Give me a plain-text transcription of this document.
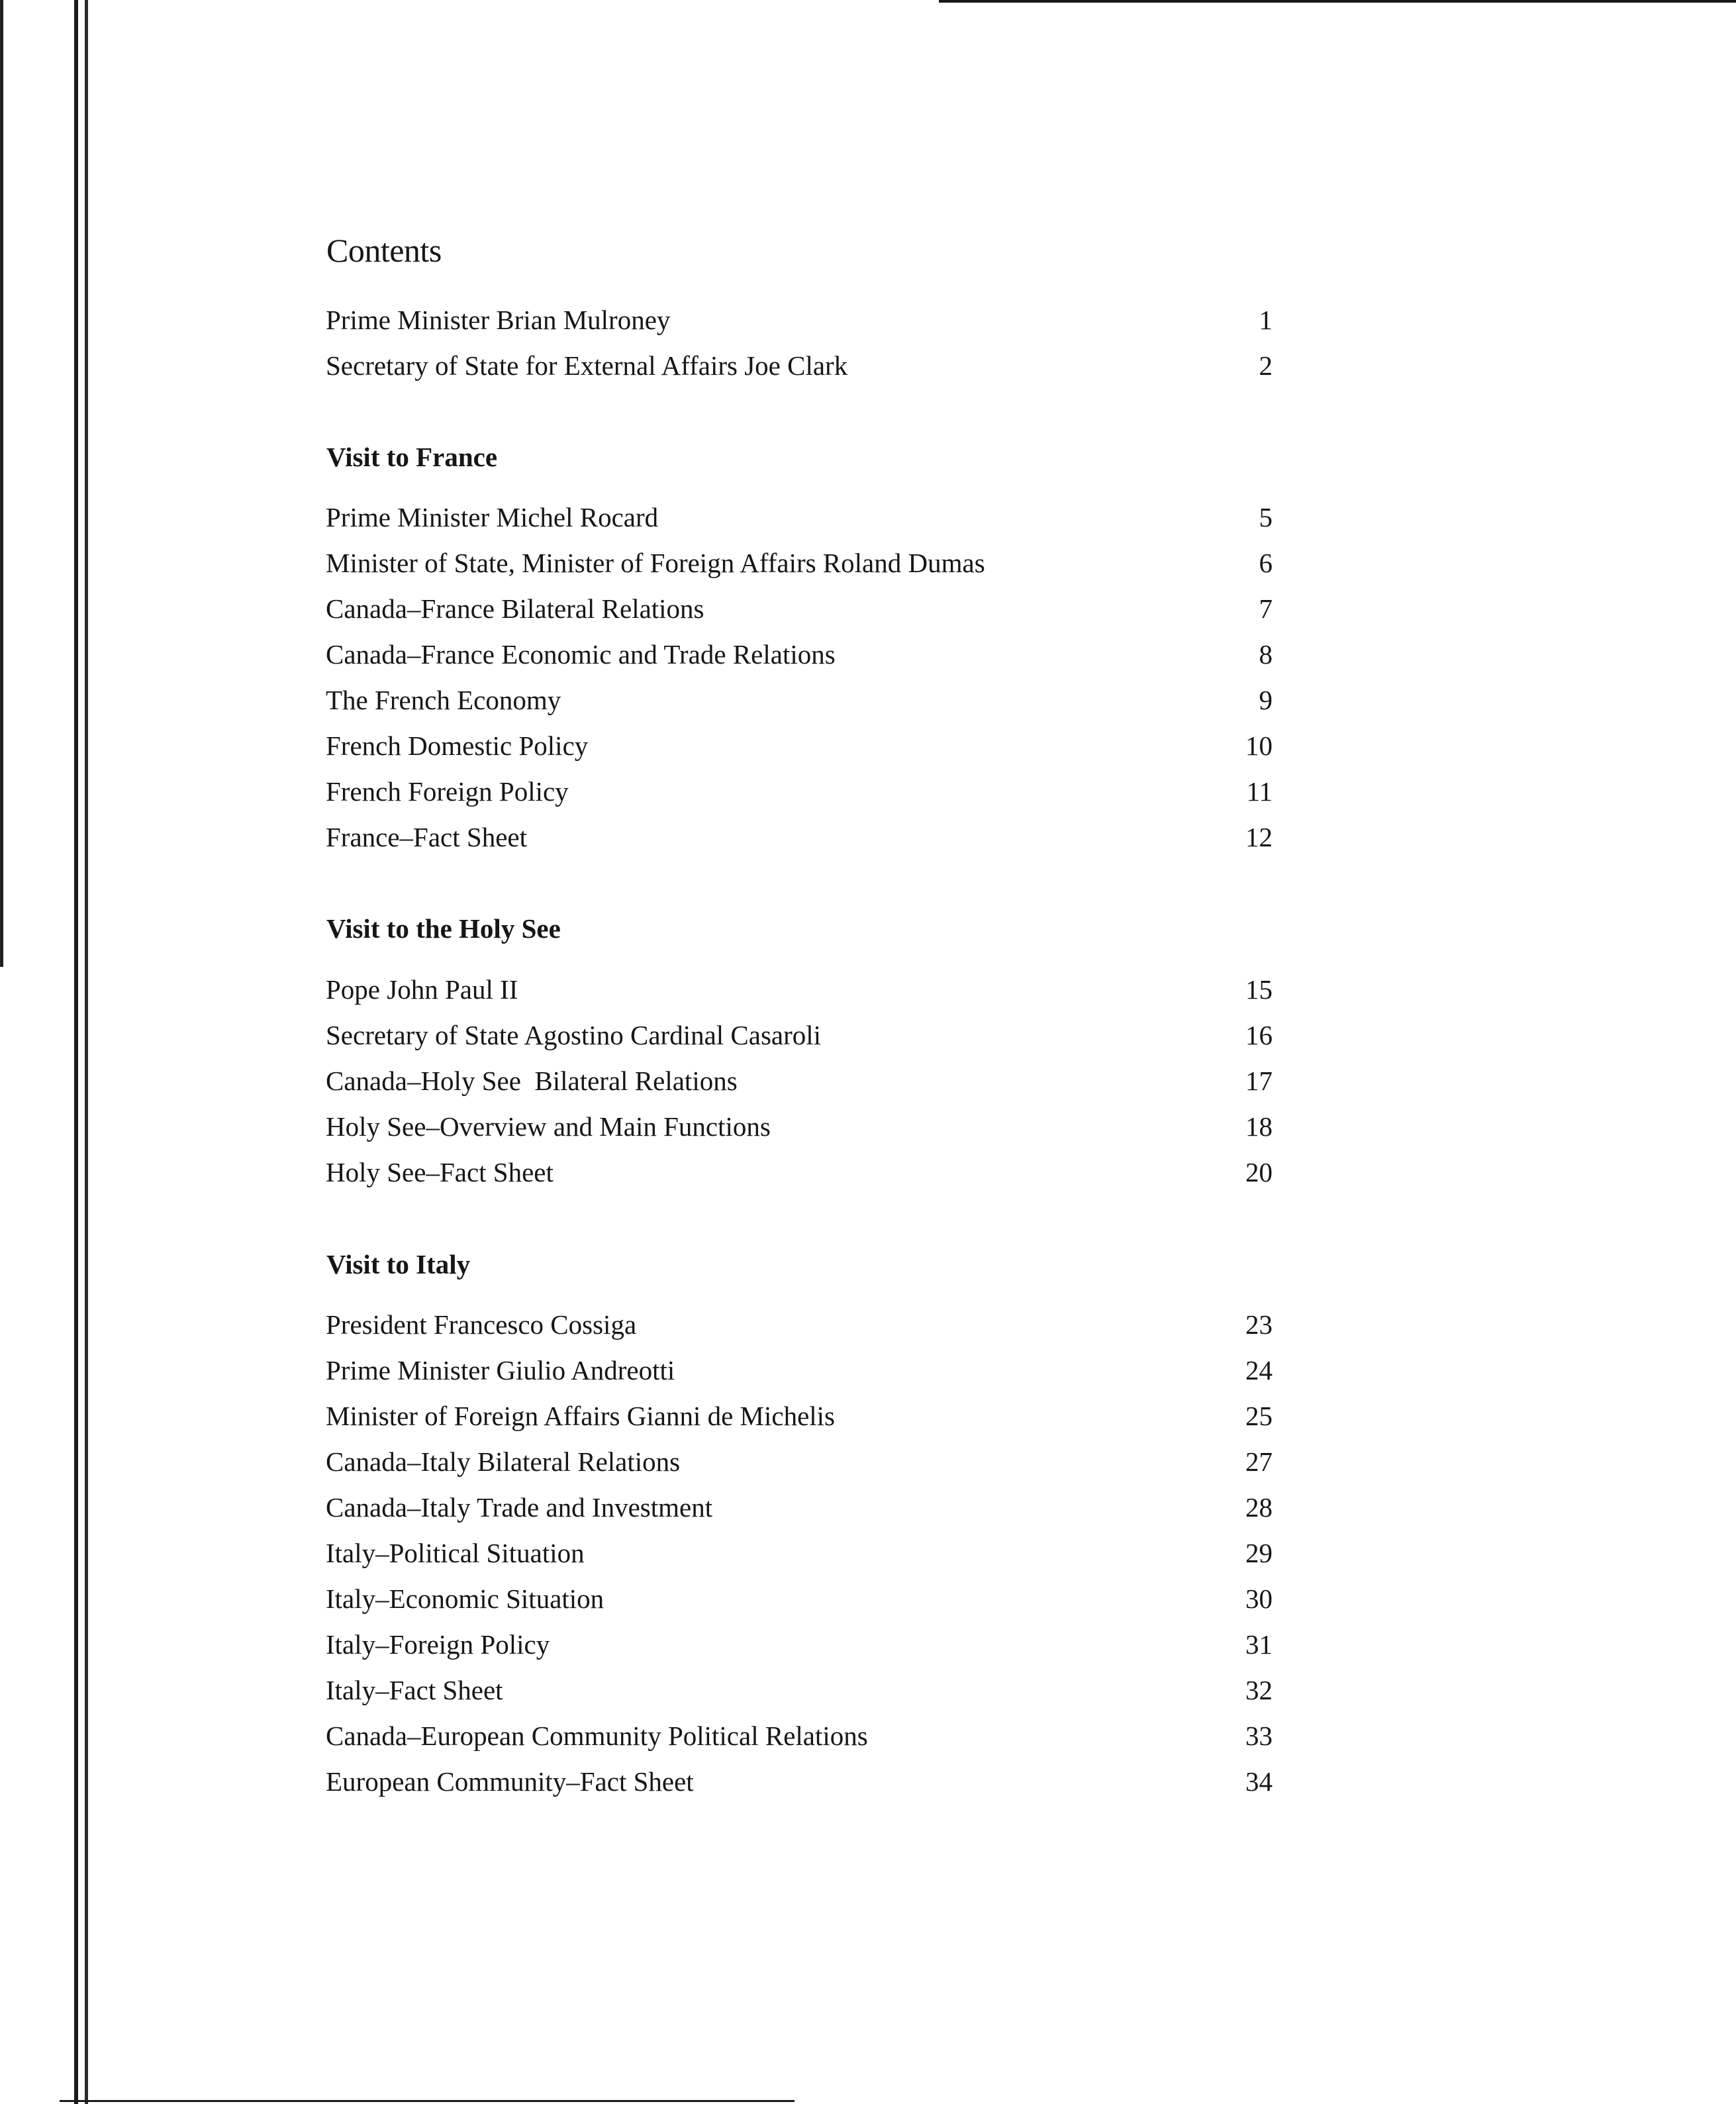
Contents
Prime Minister Brian Mulroney	1
Secretary of State for External Affairs Joe Clark	2
Visit to France
Prime Minister Michel Rocard	5
Minister of State, Minister of Foreign Affairs Roland Dumas	6
Canada–France Bilateral Relations	7
Canada–France Economic and Trade Relations	8
The French Economy	9
French Domestic Policy	10
French Foreign Policy	11
France–Fact Sheet	12
Visit to the Holy See
Pope John Paul II	15
Secretary of State Agostino Cardinal Casaroli	16
Canada–Holy See  Bilateral Relations	17
Holy See–Overview and Main Functions	18
Holy See–Fact Sheet	20
Visit to Italy
President Francesco Cossiga	23
Prime Minister Giulio Andreotti	24
Minister of Foreign Affairs Gianni de Michelis	25
Canada–Italy Bilateral Relations	27
Canada–Italy Trade and Investment	28
Italy–Political Situation	29
Italy–Economic Situation	30
Italy–Foreign Policy	31
Italy–Fact Sheet	32
Canada–European Community Political Relations	33
European Community–Fact Sheet	34
